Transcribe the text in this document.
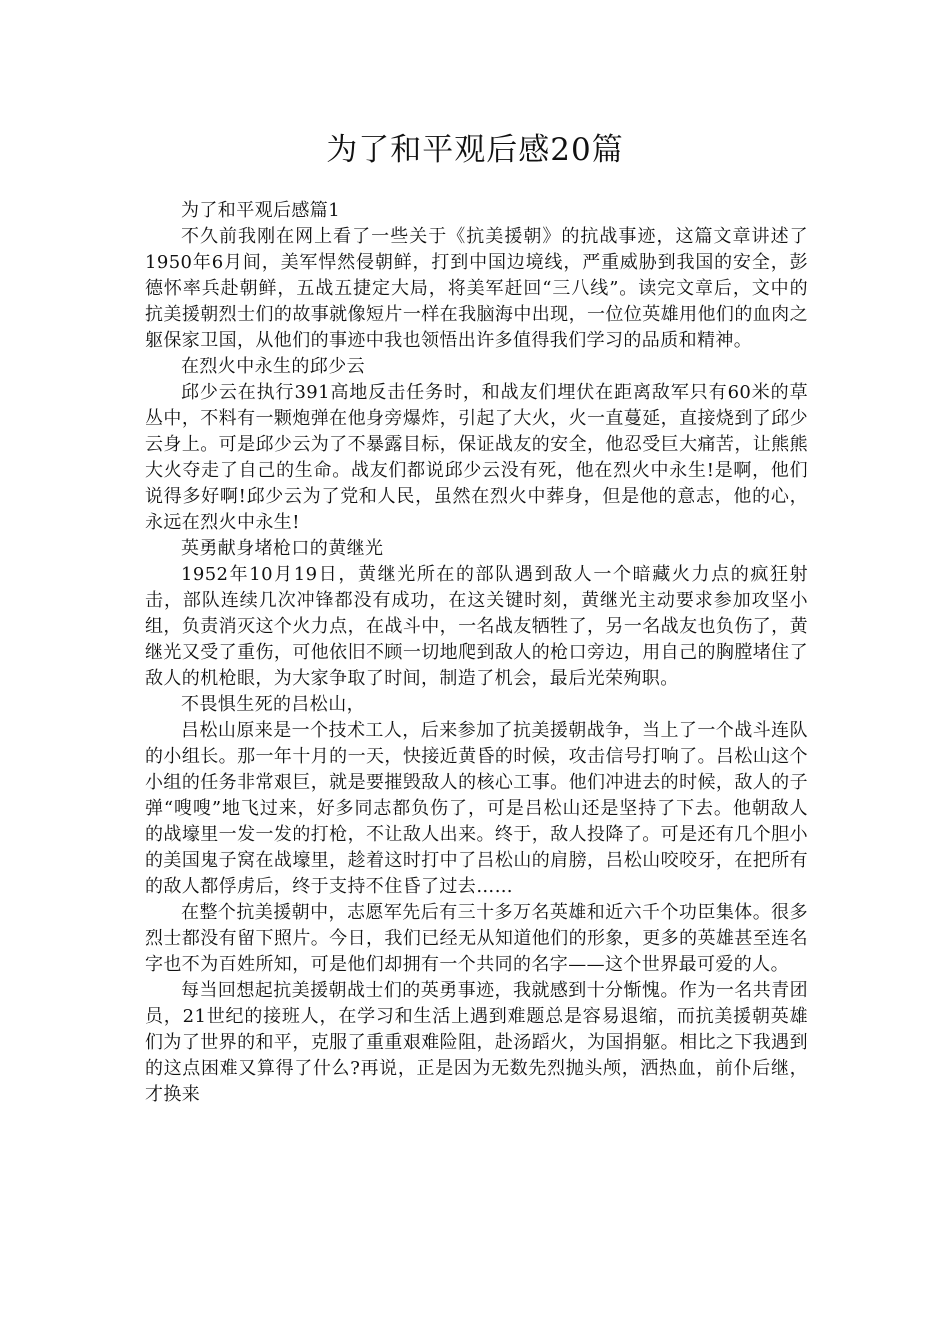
为了和平观后感20篇

为了和平观后感篇1

不久前我刚在网上看了一些关于《抗美援朝》的抗战事迹，这篇文章讲述了1950年6月间，美军悍然侵朝鲜，打到中国边境线，严重威胁到我国的安全，彭德怀率兵赴朝鲜，五战五捷定大局，将美军赶回“三八线”。读完文章后，文中的抗美援朝烈士们的故事就像短片一样在我脑海中出现，一位位英雄用他们的血肉之躯保家卫国，从他们的事迹中我也领悟出许多值得我们学习的品质和精神。

在烈火中永生的邱少云

邱少云在执行391高地反击任务时，和战友们埋伏在距离敌军只有60米的草丛中，不料有一颗炮弹在他身旁爆炸，引起了大火，火一直蔓延，直接烧到了邱少云身上。可是邱少云为了不暴露目标，保证战友的安全，他忍受巨大痛苦，让熊熊大火夺走了自己的生命。战友们都说邱少云没有死，他在烈火中永生!是啊，他们说得多好啊!邱少云为了党和人民，虽然在烈火中葬身，但是他的意志，他的心，永远在烈火中永生!

英勇献身堵枪口的黄继光

1952年10月19日，黄继光所在的部队遇到敌人一个暗藏火力点的疯狂射击，部队连续几次冲锋都没有成功，在这关键时刻，黄继光主动要求参加攻坚小组，负责消灭这个火力点，在战斗中，一名战友牺牲了，另一名战友也负伤了，黄继光又受了重伤，可他依旧不顾一切地爬到敌人的枪口旁边，用自己的胸膛堵住了敌人的机枪眼，为大家争取了时间，制造了机会，最后光荣殉职。

不畏惧生死的吕松山，

吕松山原来是一个技术工人，后来参加了抗美援朝战争，当上了一个战斗连队的小组长。那一年十月的一天，快接近黄昏的时候，攻击信号打响了。吕松山这个小组的任务非常艰巨，就是要摧毁敌人的核心工事。他们冲进去的时候，敌人的子弹“嗖嗖”地飞过来，好多同志都负伤了，可是吕松山还是坚持了下去。他朝敌人的战壕里一发一发的打枪，不让敌人出来。终于，敌人投降了。可是还有几个胆小的美国鬼子窝在战壕里，趁着这时打中了吕松山的肩膀，吕松山咬咬牙，在把所有的敌人都俘虏后，终于支持不住昏了过去……

在整个抗美援朝中，志愿军先后有三十多万名英雄和近六千个功臣集体。很多烈士都没有留下照片。今日，我们已经无从知道他们的形象，更多的英雄甚至连名字也不为百姓所知，可是他们却拥有一个共同的名字——这个世界最可爱的人。

每当回想起抗美援朝战士们的英勇事迹，我就感到十分惭愧。作为一名共青团员，21世纪的接班人，在学习和生活上遇到难题总是容易退缩，而抗美援朝英雄们为了世界的和平，克服了重重艰难险阻，赴汤蹈火，为国捐躯。相比之下我遇到的这点困难又算得了什么?再说，正是因为无数先烈抛头颅，洒热血，前仆后继，才换来
